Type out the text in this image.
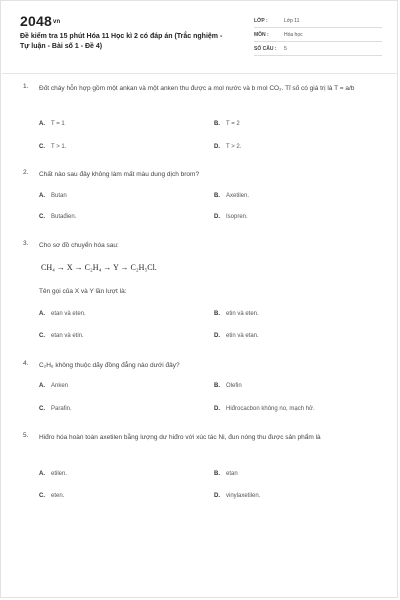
2048vn
Đề kiểm tra 15 phút Hóa 11 Học kì 2 có đáp án (Trắc nghiệm - Tự luận - Bài số 1 - Đề 4)
LỚP :	Lớp 11
MÔN :	Hóa học
SỐ CÂU : 5
1. Đốt cháy hỗn hợp gồm một ankan và một anken thu được a mol nước và b mol CO₂. Tỉ số có giá trị là T = a/b
A. T = 1	B. T = 2
C. T > 1.	D. T > 2.
2. Chất nào sau đây không làm mất màu dung dịch brom?
A. Butan	B. Axetilen.
C. Butađien.	D. Isopren.
3. Cho sơ đồ chuyển hóa sau:
CH₄ → X → C₂H₄ → Y → C₂H₅Cl.
Tên gọi của X và Y lần lượt là:
A. etan và eten.	B. etin và eten.
C. etan và etin.	D. etin và etan.
4. C₂H₆ không thuộc dãy đồng đẳng nào dưới đây?
A. Anken	B. Olefin
C. Parafin.	D. Hiđrocacbon không no, mạch hở.
5. Hiđro hóa hoàn toàn axetilen bằng lượng dư hiđro với xúc tác Ni, đun nóng thu được sản phẩm là
A. etilen.	B. etan
C. eten.	D. vinylaxetilen.
